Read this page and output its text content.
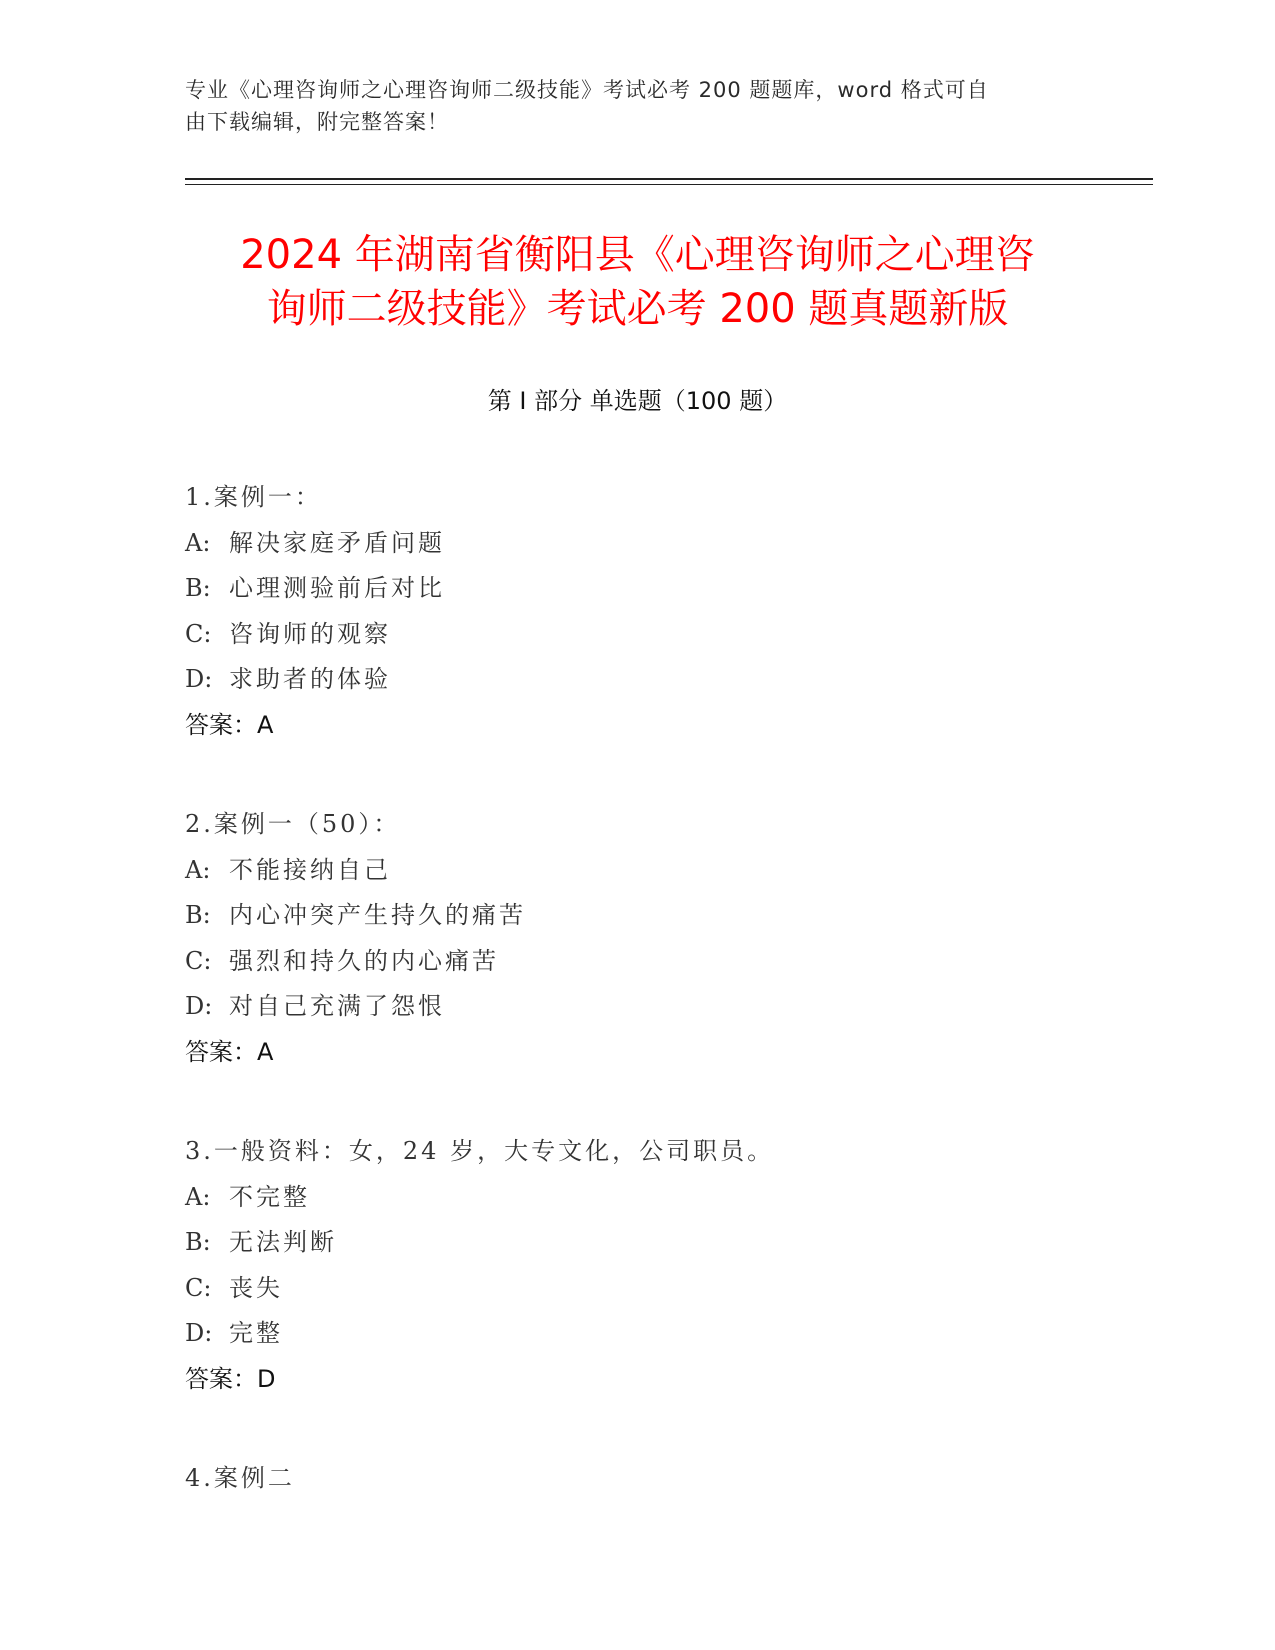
专业《心理咨询师之心理咨询师二级技能》考试必考 200 题题库，word 格式可自
由下载编辑，附完整答案！
2024 年湖南省衡阳县《心理咨询师之心理咨
询师二级技能》考试必考 200 题真题新版
第 I 部分 单选题（100 题）
1.案例一：
A: 解决家庭矛盾问题
B: 心理测验前后对比
C: 咨询师的观察
D: 求助者的体验
答案：A
2.案例一（50）：
A: 不能接纳自己
B: 内心冲突产生持久的痛苦
C: 强烈和持久的内心痛苦
D: 对自己充满了怨恨
答案：A
3.一般资料：女，24 岁，大专文化，公司职员。
A: 不完整
B: 无法判断
C: 丧失
D: 完整
答案：D
4.案例二
